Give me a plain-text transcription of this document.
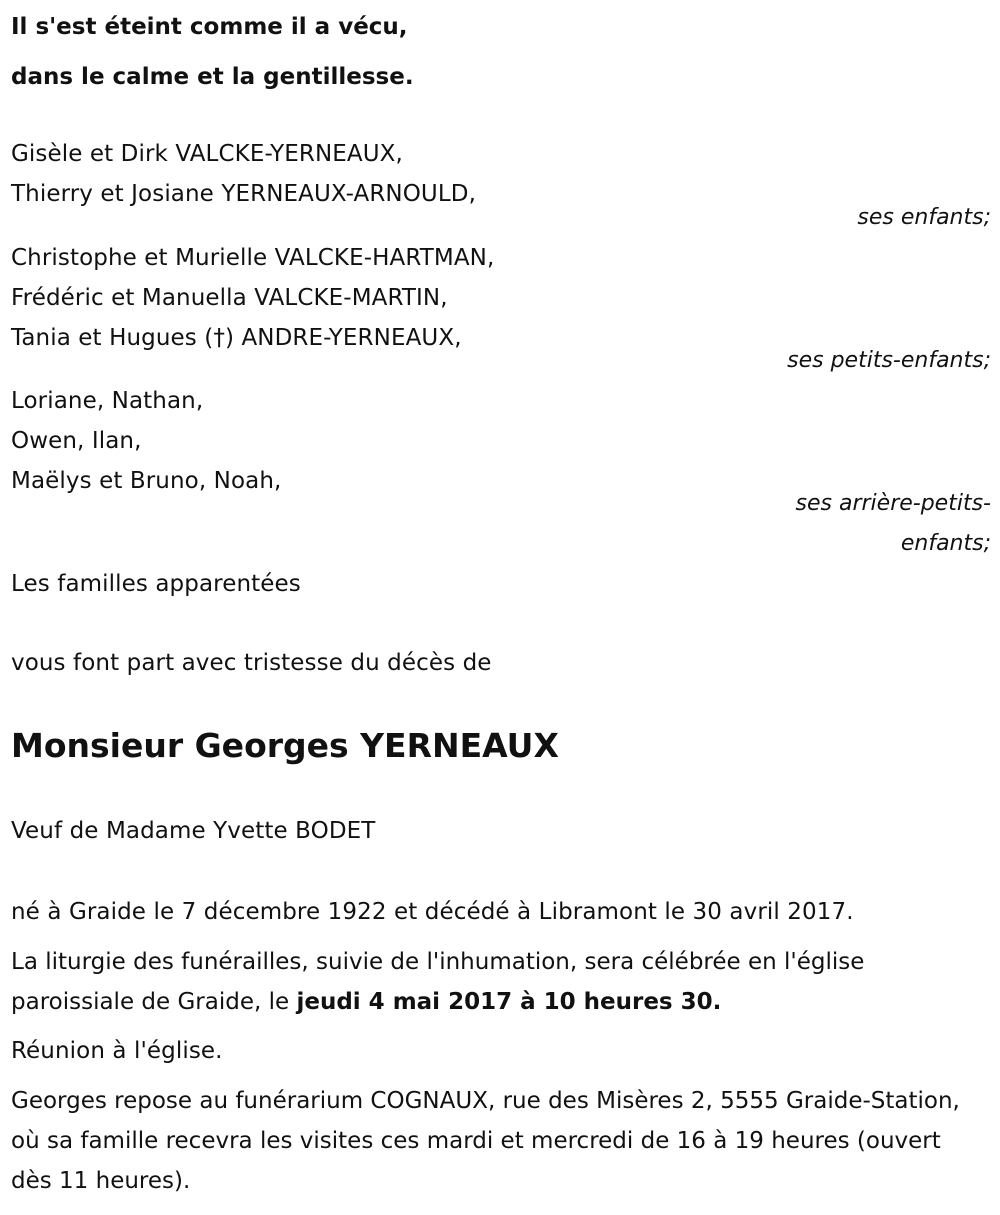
Il s'est éteint comme il a vécu,
dans le calme et la gentillesse.
Gisèle et Dirk VALCKE-YERNEAUX,
Thierry et Josiane YERNEAUX-ARNOULD,
ses enfants;
Christophe et Murielle VALCKE-HARTMAN,
Frédéric et Manuella VALCKE-MARTIN,
Tania et Hugues (†) ANDRE-YERNEAUX,
ses petits-enfants;
Loriane, Nathan,
Owen, Ilan,
Maëlys et Bruno, Noah,
ses arrière-petits-
enfants;
Les familles apparentées
vous font part avec tristesse du décès de
Monsieur Georges YERNEAUX
Veuf de Madame Yvette BODET
né à Graide le 7 décembre 1922 et décédé à Libramont le 30 avril 2017.
La liturgie des funérailles, suivie de l'inhumation, sera célébrée en l'église paroissiale de Graide, le jeudi 4 mai 2017 à 10 heures 30.
Réunion à l'église.
Georges repose au funérarium COGNAUX, rue des Misères 2, 5555 Graide-Station, où sa famille recevra les visites ces mardi et mercredi de 16 à 19 heures (ouvert dès 11 heures).
